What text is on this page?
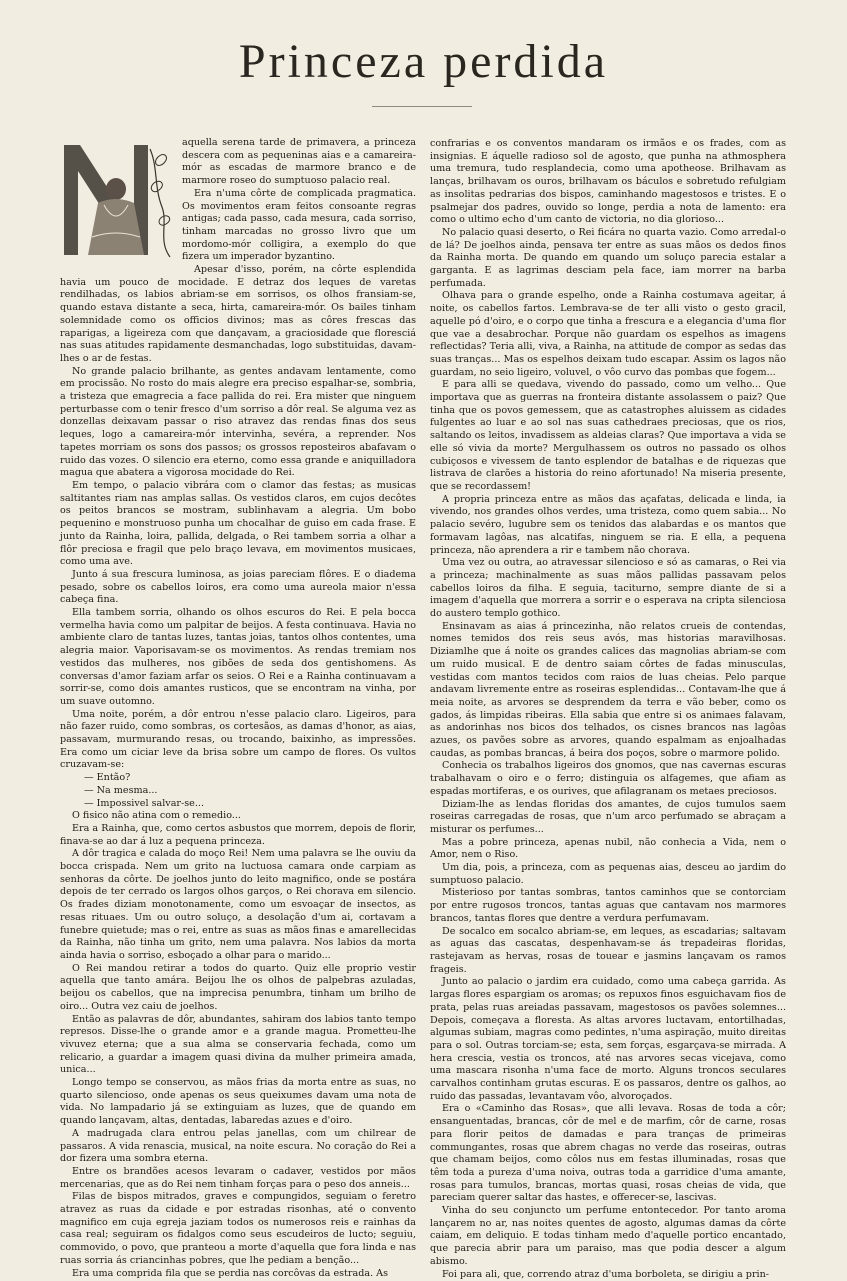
Princeza perdida

aquella serena tarde de primavera, a princeza descera com as pequeninas aias e a camareira-mór as escadas de marmore branco e de marmore roseo do sumptuoso palacio real.

Era n'uma côrte de complicada pragmatica. Os movimentos eram feitos consoante regras antigas; cada passo, cada mesura, cada sorriso, tinham marcadas no grosso livro que um mordomo-mór colligira, a exemplo do que fizera um imperador byzantino.

Apesar d'isso, porém, na côrte esplendida havia um pouco de mocidade. E detraz dos leques de varetas rendilhadas, os labios abriam-se em sorrisos, os olhos fransiam-se, quando estava distante a seca, hirta, camareira-mór. Os bailes tinham solemnidade como os officios divinos; mas as côres frescas das raparigas, a ligeireza com que dançavam, a graciosidade que floresciá nas suas atitudes rapidamente desmanchadas, logo substituidas, davam-lhes o ar de festas.

No grande palacio brilhante, as gentes andavam lentamente, como em procissão. No rosto do mais alegre era preciso espalhar-se, sombria, a tristeza que emagrecia a face pallida do rei. Era mister que ninguem perturbasse com o tenir fresco d'um sorriso a dôr real. Se alguma vez as donzellas deixavam passar o riso atravez das rendas finas dos seus leques, logo a camareira-mór intervinha, sevéra, a reprender. Nos tapetes morriam os sons dos passos; os grossos reposteiros abafavam o ruido das vozes. O silencio era eterno, como essa grande e aniquilladora magua que abatera a vigorosa mocidade do Rei.

Em tempo, o palacio vibrára com o clamor das festas; as musicas saltitantes riam nas amplas sallas. Os vestidos claros, em cujos decôtes os peitos brancos se mostram, sublinhavam a alegria. Um bobo pequenino e monstruoso punha um chocalhar de guiso em cada frase. E junto da Rainha, loira, pallida, delgada, o Rei tambem sorria a olhar a flôr preciosa e fragil que pelo braço levava, em movimentos musicaes, como uma ave.

Junto á sua frescura luminosa, as joias pareciam flôres. E o diadema pesado, sobre os cabellos loiros, era como uma aureola maior n'essa cabeça fina.

Ella tambem sorria, olhando os olhos escuros do Rei. E pela bocca vermelha havia como um palpitar de beijos. A festa continuava. Havia no ambiente claro de tantas luzes, tantas joias, tantos olhos contentes, uma alegria maior. Vaporisavam-se os movimentos. As rendas tremiam nos vestidos das mulheres, nos gibões de seda dos gentishomens. As conversas d'amor faziam arfar os seios. O Rei e a Rainha continuavam a sorrir-se, como dois amantes rusticos, que se encontram na vinha, por um suave outomno.

Uma noite, porém, a dôr entrou n'esse palacio claro. Ligeiros, para não fazer ruido, como sombras, os cortesãos, as damas d'honor, as aias, passavam, murmurando resas, ou trocando, baixinho, as impressões. Era como um ciciar leve da brisa sobre um campo de flores. Os vultos cruzavam-se:

— Então?

— Na mesma...

— Impossivel salvar-se...

O fisico não atina com o remedio...

Era a Rainha, que, como certos asbustos que morrem, depois de florir, finava-se ao dar á luz a pequena princeza.

A dôr tragica e calada do moço Rei! Nem uma palavra se lhe ouviu da bocca crispada. Nem um grito na luctuosa camara onde carpiam as senhoras da côrte. De joelhos junto do leito magnifico, onde se postára depois de ter cerrado os largos olhos garços, o Rei chorava em silencio. Os frades diziam monotonamente, como um esvoaçar de insectos, as resas rituaes. Um ou outro soluço, a desolação d'um ai, cortavam a funebre quietude; mas o rei, entre as suas as mãos finas e amarellecidas da Rainha, não tinha um grito, nem uma palavra. Nos labios da morta ainda havia o sorriso, esboçado a olhar para o marido...

O Rei mandou retirar a todos do quarto. Quiz elle proprio vestir aquella que tanto amára. Beijou lhe os olhos de palpebras azuladas, beijou os cabellos, que na imprecisa penumbra, tinham um brilho de oiro... Outra vez caiu de joelhos.

Então as palavras de dôr, abundantes, sahiram dos labios tanto tempo represos. Disse-lhe o grande amor e a grande magua. Prometteu-lhe vivuvez eterna; que a sua alma se conservaria fechada, como um relicario, a guardar a imagem quasi divina da mulher primeira amada, unica...

Longo tempo se conservou, as mãos frias da morta entre as suas, no quarto silencioso, onde apenas os seus queixumes davam uma nota de vida. No lampadario já se extinguiam as luzes, que de quando em quando lançavam, altas, dentadas, labaredas azues e d'oiro.

A madrugada clara entrou pelas janellas, com um chilrear de passaros. A vida renascia, musical, na noite escura. No coração do Rei a dor fizera uma sombra eterna.

Entre os brandões acesos levaram o cadaver, vestidos por mãos mercenarias, que as do Rei nem tinham forças para o peso dos anneis...

Filas de bispos mitrados, graves e compungidos, seguiam o feretro atravez as ruas da cidade e por estradas risonhas, até o convento magnifico em cuja egreja jaziam todos os numerosos reis e rainhas da casa real; seguiram os fidalgos como seus escudeiros de lucto; seguiu, commovido, o povo, que pranteou a morte d'aquella que fora linda e nas ruas sorria ás criancinhas pobres, que lhe pediam a benção...

Era uma comprida fila que se perdia nas corcôvas da estrada. As

confrarias e os conventos mandaram os irmãos e os frades, com as insignias. E áquelle radioso sol de agosto, que punha na athmosphera uma tremura, tudo resplandecia, como uma apotheose. Brilhavam as lanças, brilhavam os ouros, brilhavam os báculos e sobretudo refulgiam as insolitas pedrarias dos bispos, caminhando magestosos e tristes. E o psalmejar dos padres, ouvido so longe, perdia a nota de lamento: era como o ultimo echo d'um canto de victoria, no dia glorioso...

No palacio quasi deserto, o Rei ficára no quarta vazio. Como arredal-o de lá? De joelhos ainda, pensava ter entre as suas mãos os dedos finos da Rainha morta. De quando em quando um soluço parecia estalar a garganta. E as lagrimas desciam pela face, iam morrer na barba perfumada.

Olhava para o grande espelho, onde a Rainha costumava ageitar, á noite, os cabellos fartos. Lembrava-se de ter alli visto o gesto gracil, aquelle pó d'oiro, e o corpo que tinha a frescura e a elegancia d'uma flor que vae a desabrochar. Porque não guardam os espelhos as imagens reflectidas? Teria alli, viva, a Rainha, na attitude de compor as sedas das suas tranças... Mas os espelhos deixam tudo escapar. Assim os lagos não guardam, no seio ligeiro, voluvel, o vôo curvo das pombas que fogem...

E para alli se quedava, vivendo do passado, como um velho... Que importava que as guerras na fronteira distante assolassem o paiz? Que tinha que os povos gemessem, que as catastrophes aluissem as cidades fulgentes ao luar e ao sol nas suas cathedraes preciosas, que os rios, saltando os leitos, invadissem as aldeias claras? Que importava a vida se elle só vivia da morte? Mergulhassem os outros no passado os olhos cubiçosos e vivessem de tanto esplendor de batalhas e de riquezas que listrava de clarões a historia do reino afortunado! Na miseria presente, que se recordassem!

A propria princeza entre as mãos das açafatas, delicada e linda, ia vivendo, nos grandes olhos verdes, uma tristeza, como quem sabia... No palacio sevéro, lugubre sem os tenidos das alabardas e os mantos que formavam lagôas, nas alcatifas, ninguem se ria. E ella, a pequena princeza, não aprendera a rir e tambem não chorava.

Uma vez ou outra, ao atravessar silencioso e só as camaras, o Rei via a princeza; machinalmente as suas mãos pallidas passavam pelos cabellos loiros da filha. E seguia, taciturno, sempre diante de si a imagem d'aquella que morrera a sorrir e o esperava na cripta silenciosa do austero templo gothico.

Ensinavam as aias á princezinha, não relatos crueis de contendas, nomes temidos dos reis seus avós, mas historias maravilhosas. Diziamlhe que á noite os grandes calices das magnolias abriam-se com um ruido musical. E de dentro saiam côrtes de fadas minusculas, vestidas com mantos tecidos com raios de luas cheias. Pelo parque andavam livremente entre as roseiras esplendidas... Contavam-lhe que á meia noite, as arvores se desprendem da terra e vão beber, como os gados, ás limpidas ribeiras. Ella sabia que entre si os animaes falavam, as andorinhas nos bicos dos telhados, os cisnes brancos nas lagôas azues, os pavões sobre as arvores, quando espalmam as enjoalhadas caudas, as pombas brancas, á beira dos poços, sobre o marmore polido.

Conhecia os trabalhos ligeiros dos gnomos, que nas cavernas escuras trabalhavam o oiro e o ferro; distinguia os alfagemes, que afiam as espadas mortiferas, e os ourives, que afilagranam os metaes preciosos.

Diziam-lhe as lendas floridas dos amantes, de cujos tumulos saem roseiras carregadas de rosas, que n'um arco perfumado se abraçam a misturar os perfumes...

Mas a pobre princeza, apenas nubil, não conhecia a Vida, nem o Amor, nem o Riso.

Um dia, pois, a princeza, com as pequenas aias, desceu ao jardim do sumptuoso palacio.

Misterioso por tantas sombras, tantos caminhos que se contorciam por entre rugosos troncos, tantas aguas que cantavam nos marmores brancos, tantas flores que dentre a verdura perfumavam.

De socalco em socalco abriam-se, em leques, as escadarias; saltavam as aguas das cascatas, despenhavam-se ás trepadeiras floridas, rastejavam as hervas, rosas de touear e jasmins lançavam os ramos frageis.

Junto ao palacio o jardim era cuidado, como uma cabeça garrida. As largas flores espargiam os aromas; os repuxos finos esguichavam fios de prata, pelas ruas areiadas passavam, magestosos os pavões solemnes... Depois, começava a floresta. As altas arvores luctavam, entortilhadas, algumas subiam, magras como pedintes, n'uma aspiração, muito direitas para o sol. Outras torciam-se; esta, sem forças, esgarçava-se mirrada. A hera crescia, vestia os troncos, até nas arvores secas vicejava, como uma mascara risonha n'uma face de morto. Alguns troncos seculares carvalhos continham grutas escuras. E os passaros, dentre os galhos, ao ruido das passadas, levantavam vôo, alvoroçados.

Era o «Caminho das Rosas», que alli levava. Rosas de toda a côr; ensanguentadas, brancas, côr de mel e de marfim, côr de carne, rosas para florir peitos de damadas e para tranças de primeiras commungantes, rosas que abrem chagas no verde das roseiras, outras que chamam beijos, como côlos nus em festas illuminadas, rosas que têm toda a pureza d'uma noiva, outras toda a garridice d'uma amante, rosas para tumulos, brancas, mortas quasi, rosas cheias de vida, que pareciam querer saltar das hastes, e offerecer-se, lascivas.

Vinha do seu conjuncto um perfume entontecedor. Por tanto aroma lançarem no ar, nas noites quentes de agosto, algumas damas da côrte caiam, em deliquio. E todas tinham medo d'aquelle portico encantado, que parecia abrir para um paraiso, mas que podia descer a algum abismo.

Foi para ali, que, correndo atraz d'uma borboleta, se dirigiu a prin-
